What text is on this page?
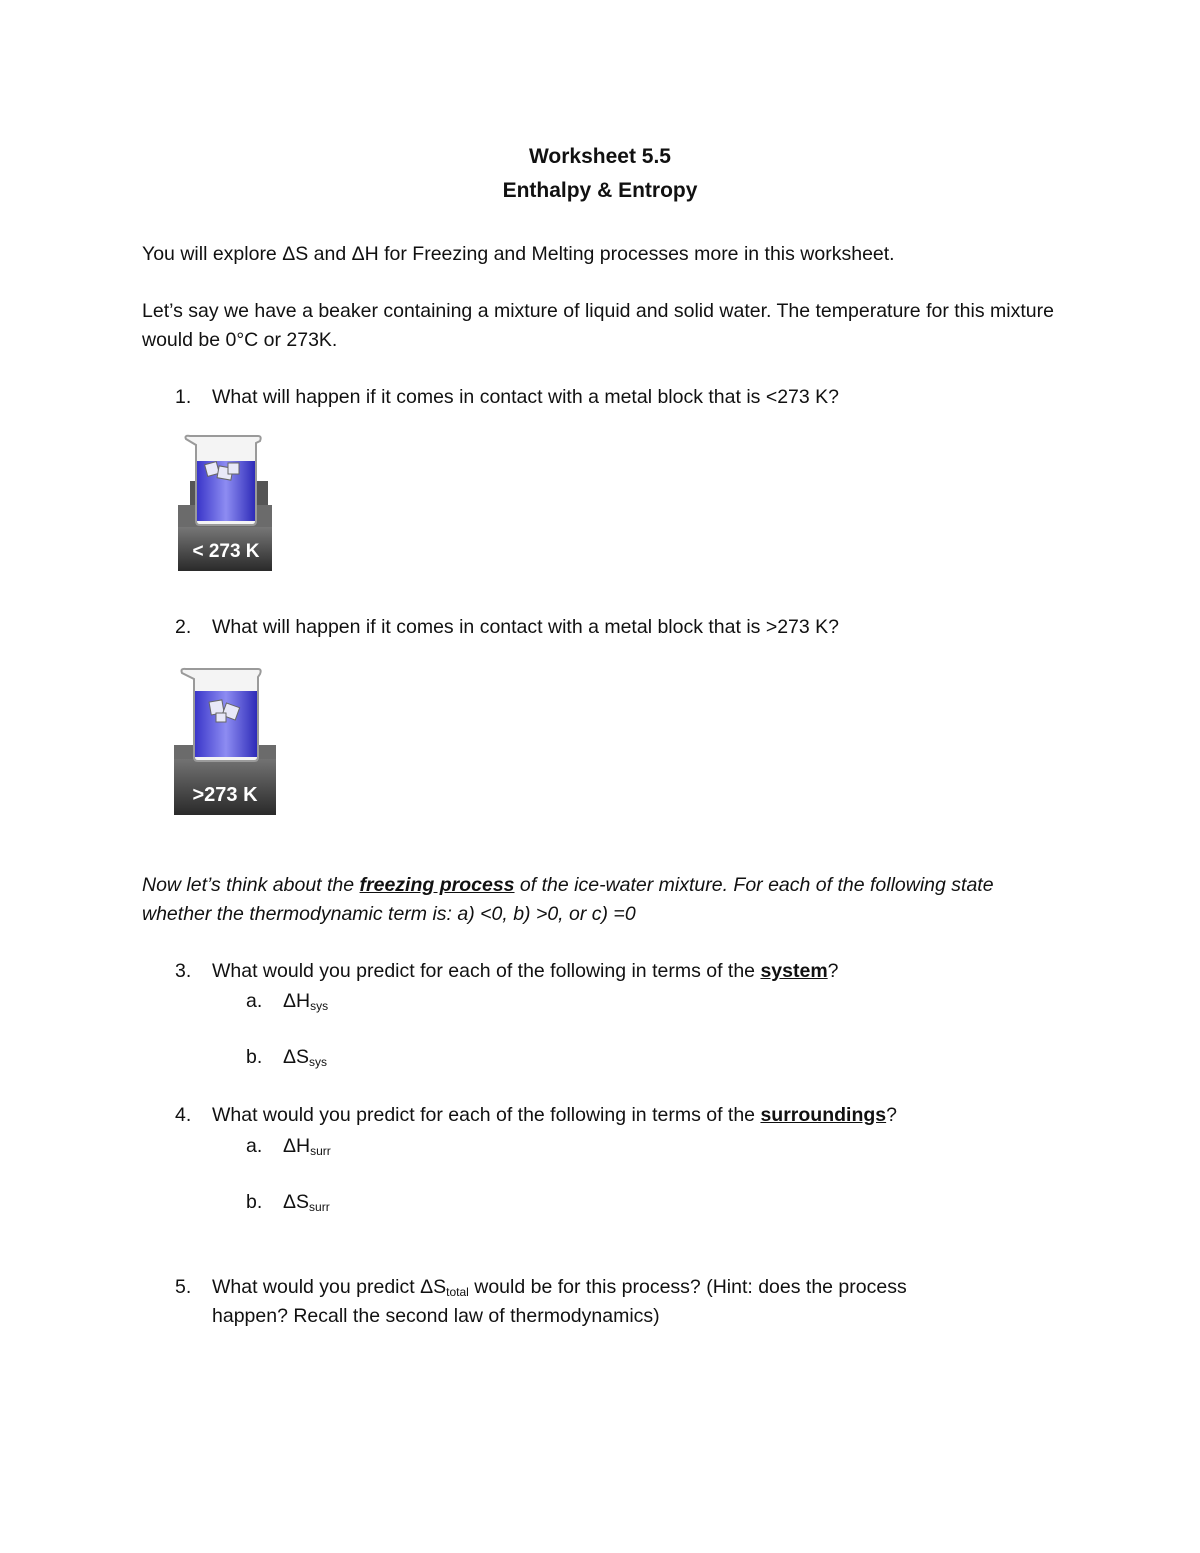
Worksheet 5.5
Enthalpy & Entropy
You will explore ΔS and ΔH for Freezing and Melting processes more in this worksheet.
Let’s say we have a beaker containing a mixture of liquid and solid water. The temperature for this mixture would be 0°C or 273K.
1. What will happen if it comes in contact with a metal block that is <273 K?
< 273 K
2. What will happen if it comes in contact with a metal block that is >273 K?
>273 K
Now let’s think about the freezing process of the ice-water mixture. For each of the following state whether the thermodynamic term is: a) <0, b) >0, or c) =0
3. What would you predict for each of the following in terms of the system?
a. $\Delta H_{sys}$
b. $\Delta S_{sys}$
4. What would you predict for each of the following in terms of the surroundings?
a. $\Delta H_{surr}$
b. $\Delta S_{surr}$
5. What would you predict $\Delta S_{total}$ would be for this process? (Hint: does the process
happen? Recall the second law of thermodynamics)
